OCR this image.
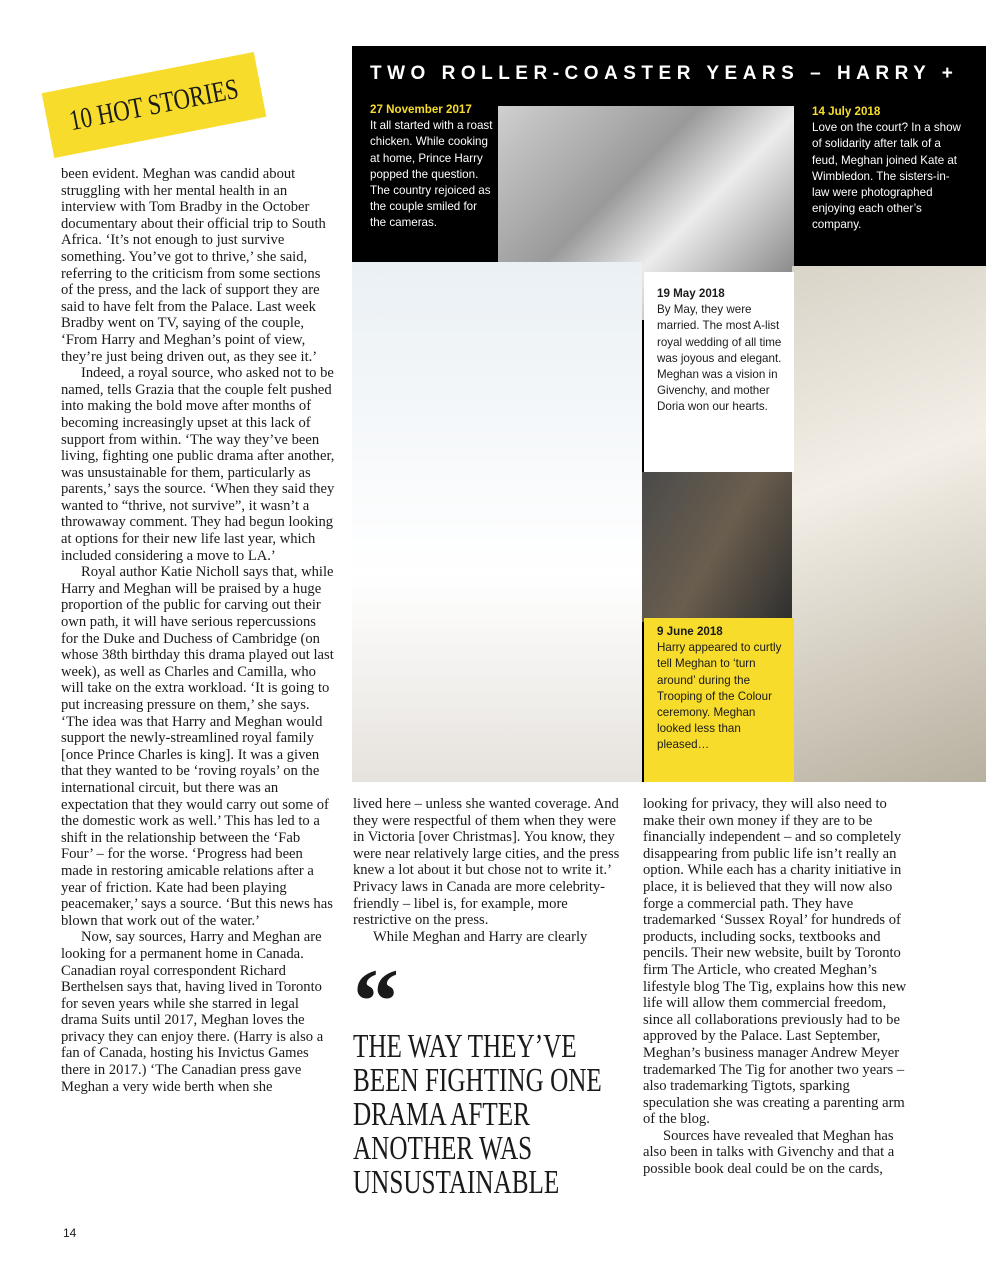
10 HOT STORIES

been evident. Meghan was candid about struggling with her mental health in an interview with Tom Bradby in the October documentary about their official trip to South Africa. ‘It’s not enough to just survive something. You’ve got to thrive,’ she said, referring to the criticism from some sections of the press, and the lack of support they are said to have felt from the Palace. Last week Bradby went on TV, saying of the couple, ‘From Harry and Meghan’s point of view, they’re just being driven out, as they see it.’

Indeed, a royal source, who asked not to be named, tells Grazia that the couple felt pushed into making the bold move after months of becoming increasingly upset at this lack of support from within. ‘The way they’ve been living, fighting one public drama after another, was unsustainable for them, particularly as parents,’ says the source. ‘When they said they wanted to “thrive, not survive”, it wasn’t a throwaway comment. They had begun looking at options for their new life last year, which included considering a move to LA.’

Royal author Katie Nicholl says that, while Harry and Meghan will be praised by a huge proportion of the public for carving out their own path, it will have serious repercussions for the Duke and Duchess of Cambridge (on whose 38th birthday this drama played out last week), as well as Charles and Camilla, who will take on the extra workload. ‘It is going to put increasing pressure on them,’ she says. ‘The idea was that Harry and Meghan would support the newly-streamlined royal family [once Prince Charles is king]. It was a given that they wanted to be ‘roving royals’ on the international circuit, but there was an expectation that they would carry out some of the domestic work as well.’ This has led to a shift in the relationship between the ‘Fab Four’ – for the worse. ‘Progress had been made in restoring amicable relations after a year of friction. Kate had been playing peacemaker,’ says a source. ‘But this news has blown that work out of the water.’

Now, say sources, Harry and Meghan are looking for a permanent home in Canada. Canadian royal correspondent Richard Berthelsen says that, having lived in Toronto for seven years while she starred in legal drama Suits until 2017, Meghan loves the privacy they can enjoy there. (Harry is also a fan of Canada, hosting his Invictus Games there in 2017.) ‘The Canadian press gave Meghan a very wide berth when she

TWO ROLLER-COASTER YEARS – HARRY +
27 November 2017
It all started with a roast chicken. While cooking at home, Prince Harry popped the question. The country rejoiced as the couple smiled for the cameras.
14 July 2018
Love on the court? In a show of solidarity after talk of a feud, Meghan joined Kate at Wimbledon. The sisters-in-law were photographed enjoying each other’s company.
19 May 2018
By May, they were married. The most A-list royal wedding of all time was joyous and elegant. Meghan was a vision in Givenchy, and mother Doria won our hearts.
9 June 2018
Harry appeared to curtly tell Meghan to ‘turn around’ during the Trooping of the Colour ceremony. Meghan looked less than pleased…

lived here – unless she wanted coverage. And they were respectful of them when they were in Victoria [over Christmas]. You know, they were near relatively large cities, and the press knew a lot about it but chose not to write it.’ Privacy laws in Canada are more celebrity-friendly – libel is, for example, more restrictive on the press.

While Meghan and Harry are clearly

“
THE WAY THEY’VE BEEN FIGHTING ONE DRAMA AFTER ANOTHER WAS UNSUSTAINABLE

looking for privacy, they will also need to make their own money if they are to be financially independent – and so completely disappearing from public life isn’t really an option. While each has a charity initiative in place, it is believed that they will now also forge a commercial path. They have trademarked ‘Sussex Royal’ for hundreds of products, including socks, textbooks and pencils. Their new website, built by Toronto firm The Article, who created Meghan’s lifestyle blog The Tig, explains how this new life will allow them commercial freedom, since all collaborations previously had to be approved by the Palace. Last September, Meghan’s business manager Andrew Meyer trademarked The Tig for another two years – also trademarking Tigtots, sparking speculation she was creating a parenting arm of the blog.

Sources have revealed that Meghan has also been in talks with Givenchy and that a possible book deal could be on the cards,

14
